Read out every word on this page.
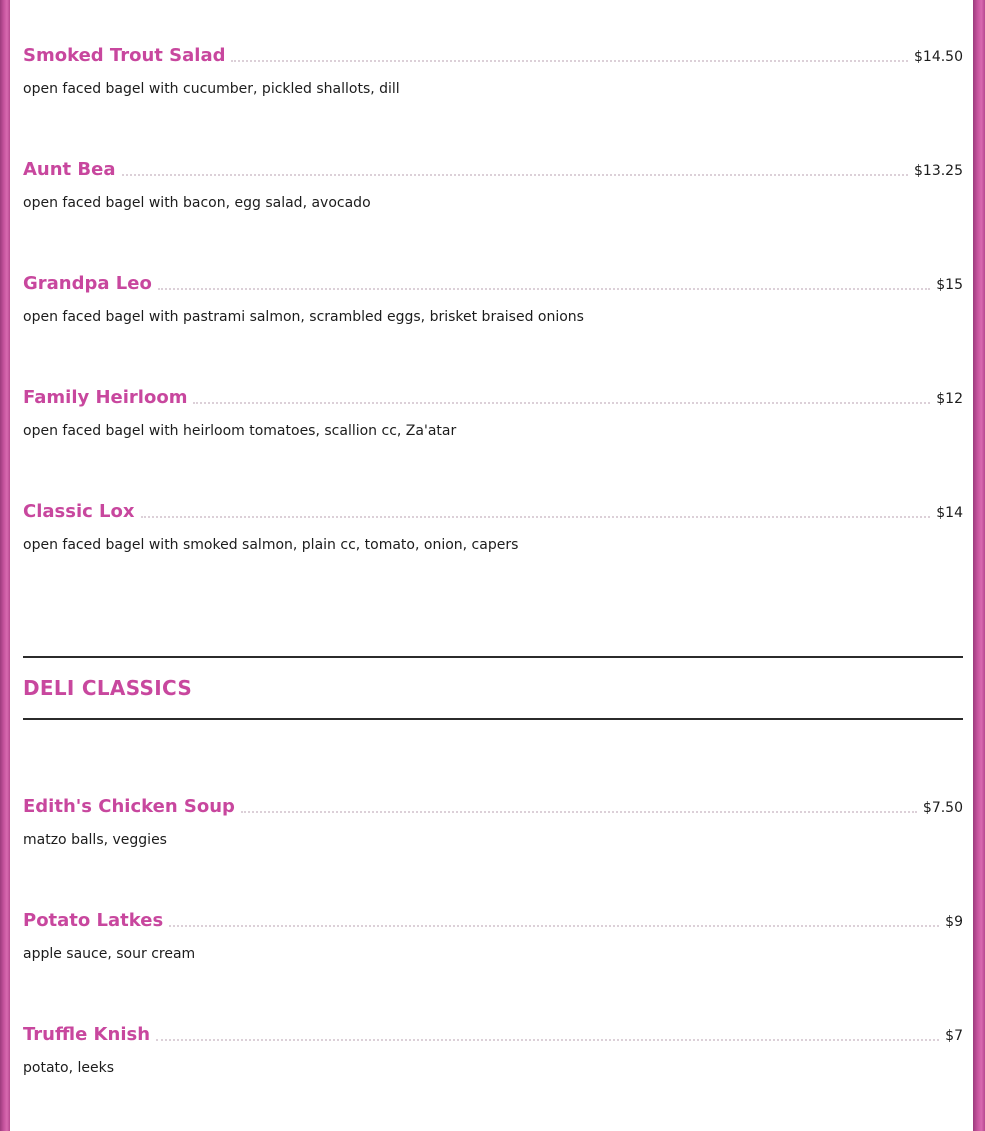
Smoked Trout Salad	$14.50
open faced bagel with cucumber, pickled shallots, dill
Aunt Bea	$13.25
open faced bagel with bacon, egg salad, avocado
Grandpa Leo	$15
open faced bagel with pastrami salmon, scrambled eggs, brisket braised onions
Family Heirloom	$12
open faced bagel with heirloom tomatoes, scallion cc, Za'atar
Classic Lox	$14
open faced bagel with smoked salmon, plain cc, tomato, onion, capers
DELI CLASSICS
Edith's Chicken Soup	$7.50
matzo balls, veggies
Potato Latkes	$9
apple sauce, sour cream
Truffle Knish	$7
potato, leeks
